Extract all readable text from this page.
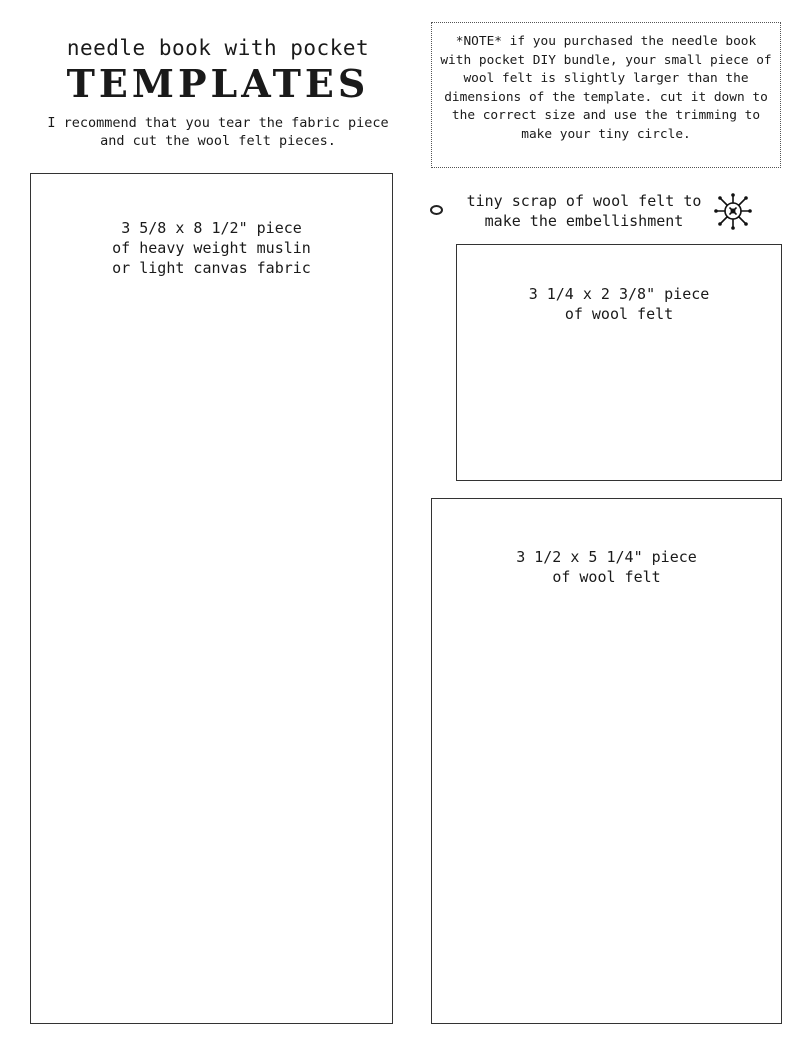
needle book with pocket
TEMPLATES
I recommend that you tear the fabric piece and cut the wool felt pieces.
*NOTE* if you purchased the needle book with pocket DIY bundle, your small piece of wool felt is slightly larger than the dimensions of the template. cut it down to the correct size and use the trimming to make your tiny circle.
tiny scrap of wool felt to make the embellishment
3 5/8 x 8 1/2" piece
of heavy weight muslin
or light canvas fabric
3 1/4 x 2 3/8" piece
of wool felt
3 1/2 x 5 1/4" piece
of wool felt
